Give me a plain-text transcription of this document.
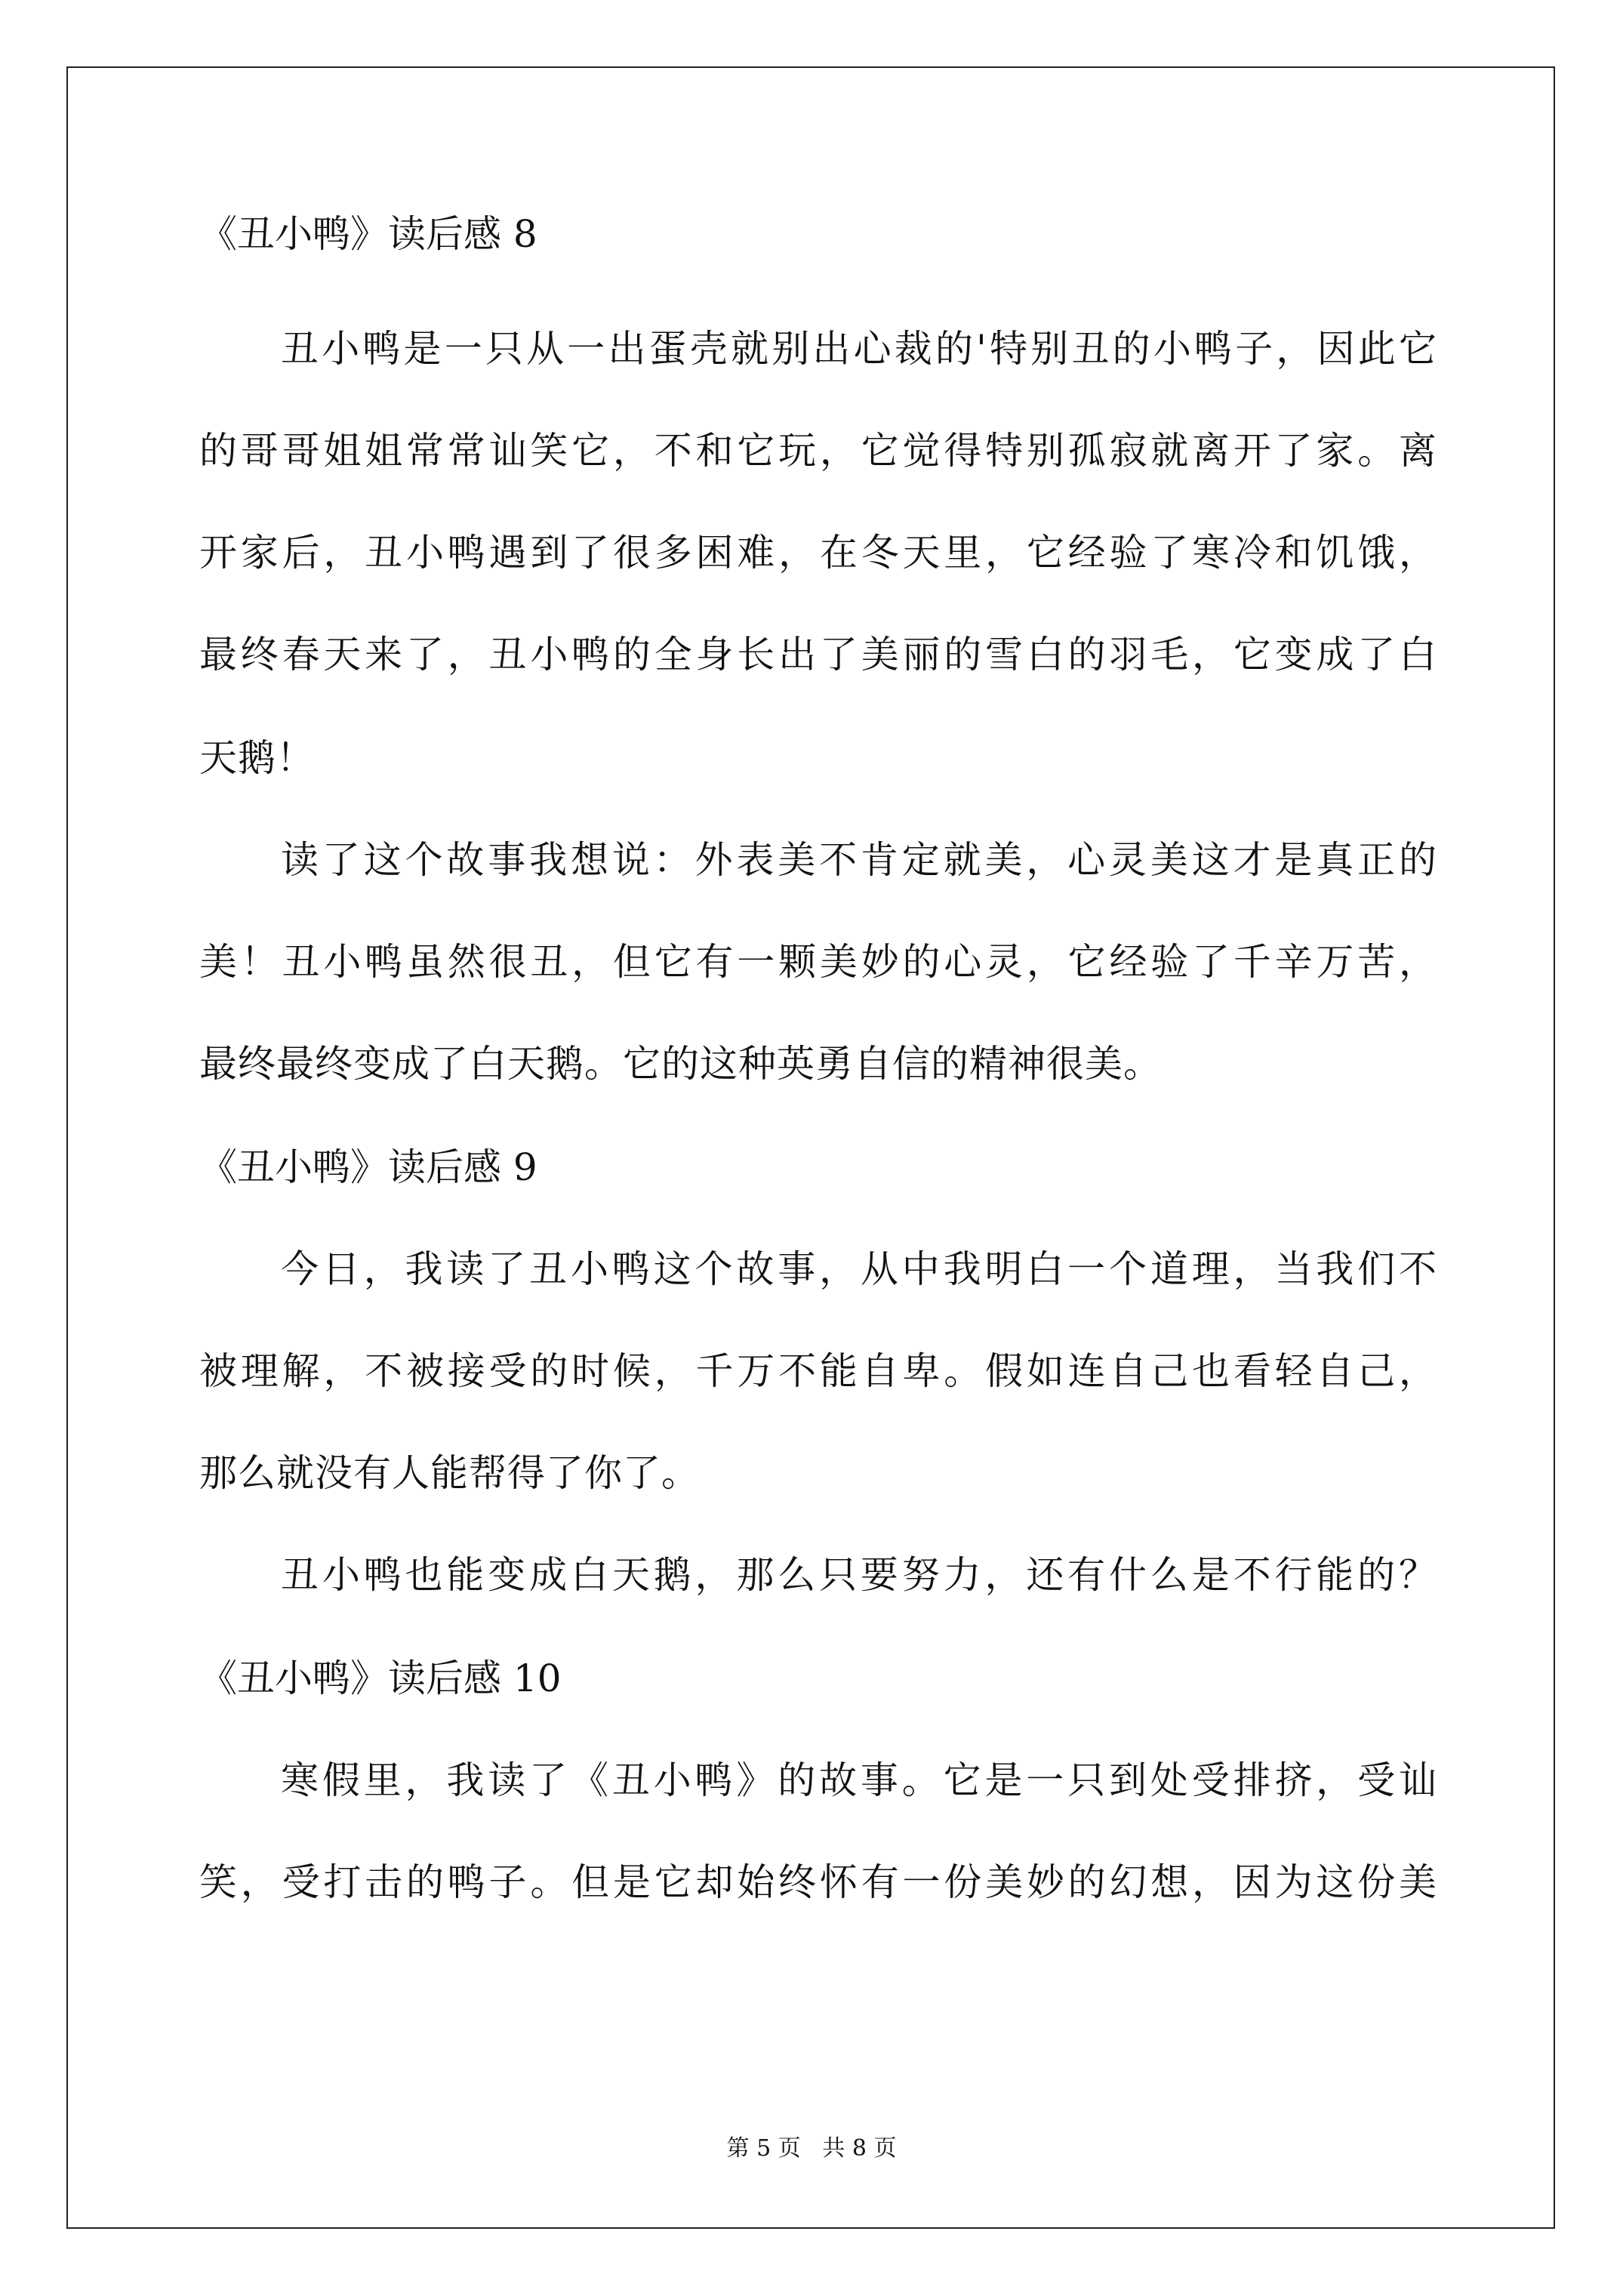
《丑小鸭》读后感 8

丑小鸭是一只从一出蛋壳就别出心裁的'特别丑的小鸭子，因此它

的哥哥姐姐常常讪笑它，不和它玩，它觉得特别孤寂就离开了家。离

开家后，丑小鸭遇到了很多困难，在冬天里，它经验了寒冷和饥饿，

最终春天来了，丑小鸭的全身长出了美丽的雪白的羽毛，它变成了白

天鹅！

读了这个故事我想说：外表美不肯定就美，心灵美这才是真正的

美！丑小鸭虽然很丑，但它有一颗美妙的心灵，它经验了千辛万苦，

最终最终变成了白天鹅。它的这种英勇自信的精神很美。

《丑小鸭》读后感 9

今日，我读了丑小鸭这个故事，从中我明白一个道理，当我们不

被理解，不被接受的时候，千万不能自卑。假如连自己也看轻自己，

那么就没有人能帮得了你了。

丑小鸭也能变成白天鹅，那么只要努力，还有什么是不行能的？

《丑小鸭》读后感 10

寒假里，我读了《丑小鸭》的故事。它是一只到处受排挤，受讪

笑，受打击的鸭子。但是它却始终怀有一份美妙的幻想，因为这份美

第 5 页   共 8 页
